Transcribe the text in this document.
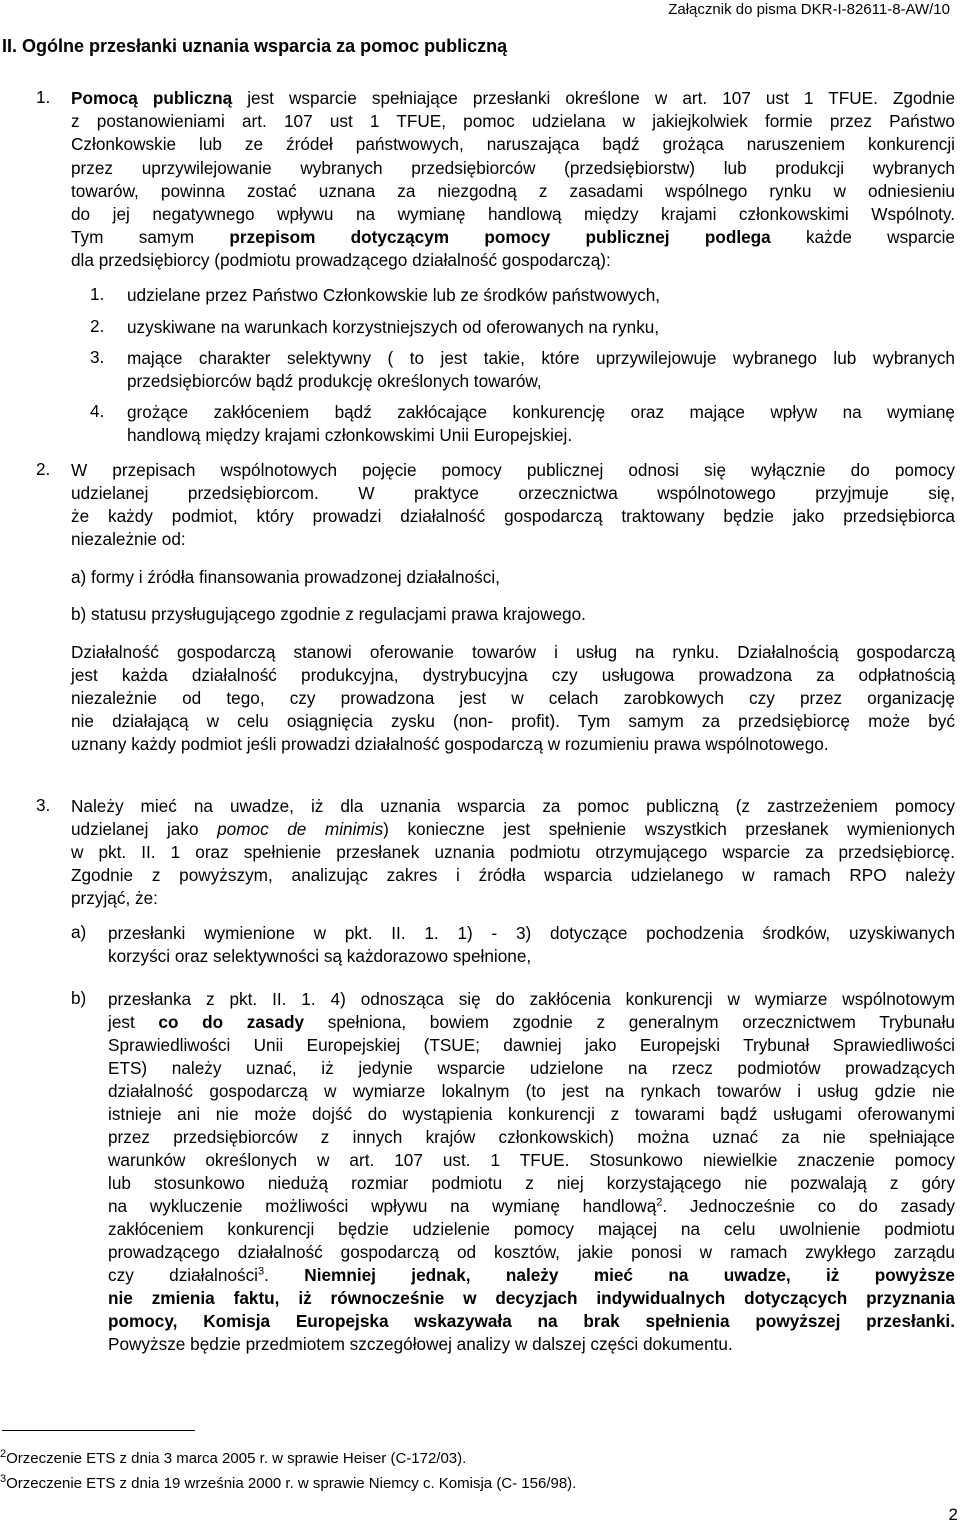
Załącznik do pisma DKR-I-82611-8-AW/10
II. Ogólne przesłanki uznania wsparcia za pomoc publiczną
1. Pomocą publiczną jest wsparcie spełniające przesłanki określone w art. 107 ust 1 TFUE. Zgodnie
z postanowieniami art. 107 ust 1 TFUE, pomoc udzielana w jakiejkolwiek formie przez Państwo
Członkowskie lub ze źródeł państwowych, naruszająca bądź grożąca naruszeniem konkurencji
przez uprzywilejowanie wybranych przedsiębiorców (przedsiębiorstw) lub produkcji wybranych
towarów, powinna zostać uznana za niezgodną z zasadami wspólnego rynku w odniesieniu
do jej negatywnego wpływu na wymianę handlową między krajami członkowskimi Wspólnoty.
Tym samym przepisom dotyczącym pomocy publicznej podlega każde wsparcie
dla przedsiębiorcy (podmiotu prowadzącego działalność gospodarczą):
1. udzielane przez Państwo Członkowskie lub ze środków państwowych,
2. uzyskiwane na warunkach korzystniejszych od oferowanych na rynku,
3. mające charakter selektywny ( to jest takie, które uprzywilejowuje wybranego lub wybranych
przedsiębiorców bądź produkcję określonych towarów,
4. grożące zakłóceniem bądź zakłócające konkurencję oraz mające wpływ na wymianę
handlową między krajami członkowskimi Unii Europejskiej.
2. W przepisach wspólnotowych pojęcie pomocy publicznej odnosi się wyłącznie do pomocy
udzielanej przedsiębiorcom. W praktyce orzecznictwa wspólnotowego przyjmuje się,
że każdy podmiot, który prowadzi działalność gospodarczą traktowany będzie jako przedsiębiorca
niezależnie od:
a) formy i źródła finansowania prowadzonej działalności,
b) statusu przysługującego zgodnie z regulacjami prawa krajowego.
Działalność gospodarczą stanowi oferowanie towarów i usług na rynku. Działalnością gospodarczą
jest każda działalność produkcyjna, dystrybucyjna czy usługowa prowadzona za odpłatnością
niezależnie od tego, czy prowadzona jest w celach zarobkowych czy przez organizację
nie działającą w celu osiągnięcia zysku (non- profit). Tym samym za przedsiębiorcę może być
uznany każdy podmiot jeśli prowadzi działalność gospodarczą w rozumieniu prawa wspólnotowego.
3. Należy mieć na uwadze, iż dla uznania wsparcia za pomoc publiczną (z zastrzeżeniem pomocy
udzielanej jako pomoc de minimis) konieczne jest spełnienie wszystkich przesłanek wymienionych
w pkt. II. 1 oraz spełnienie przesłanek uznania podmiotu otrzymującego wsparcie za przedsiębiorcę.
Zgodnie z powyższym, analizując zakres i źródła wsparcia udzielanego w ramach RPO należy
przyjąć, że:
a) przesłanki wymienione w pkt. II. 1. 1) - 3) dotyczące pochodzenia środków, uzyskiwanych
korzyści oraz selektywności są każdorazowo spełnione,
b) przesłanka z pkt. II. 1. 4) odnosząca się do zakłócenia konkurencji w wymiarze wspólnotowym
jest co do zasady spełniona, bowiem zgodnie z generalnym orzecznictwem Trybunału
Sprawiedliwości Unii Europejskiej (TSUE; dawniej jako Europejski Trybunał Sprawiedliwości
ETS) należy uznać, iż jedynie wsparcie udzielone na rzecz podmiotów prowadzących
działalność gospodarczą w wymiarze lokalnym (to jest na rynkach towarów i usług gdzie nie
istnieje ani nie może dojść do wystąpienia konkurencji z towarami bądź usługami oferowanymi
przez przedsiębiorców z innych krajów członkowskich) można uznać za nie spełniające
warunków określonych w art. 107 ust. 1 TFUE. Stosunkowo niewielkie znaczenie pomocy
lub stosunkowo niedużą rozmiar podmiotu z niej korzystającego nie pozwalają z góry
na wykluczenie możliwości wpływu na wymianę handlową$^2$. Jednocześnie co do zasady
zakłóceniem konkurencji będzie udzielenie pomocy mającej na celu uwolnienie podmiotu
prowadzącego działalność gospodarczą od kosztów, jakie ponosi w ramach zwykłego zarządu
czy działalności$^3$. Niemniej jednak, należy mieć na uwadze, iż powyższe
nie zmienia faktu, iż równocześnie w decyzjach indywidualnych dotyczących przyznania
pomocy, Komisja Europejska wskazywała na brak spełnienia powyższej przesłanki.
Powyższe będzie przedmiotem szczegółowej analizy w dalszej części dokumentu.
$^2$Orzeczenie ETS z dnia 3 marca 2005 r. w sprawie Heiser (C-172/03).
$^3$Orzeczenie ETS z dnia 19 września 2000 r. w sprawie Niemcy c. Komisja (C- 156/98).
2
